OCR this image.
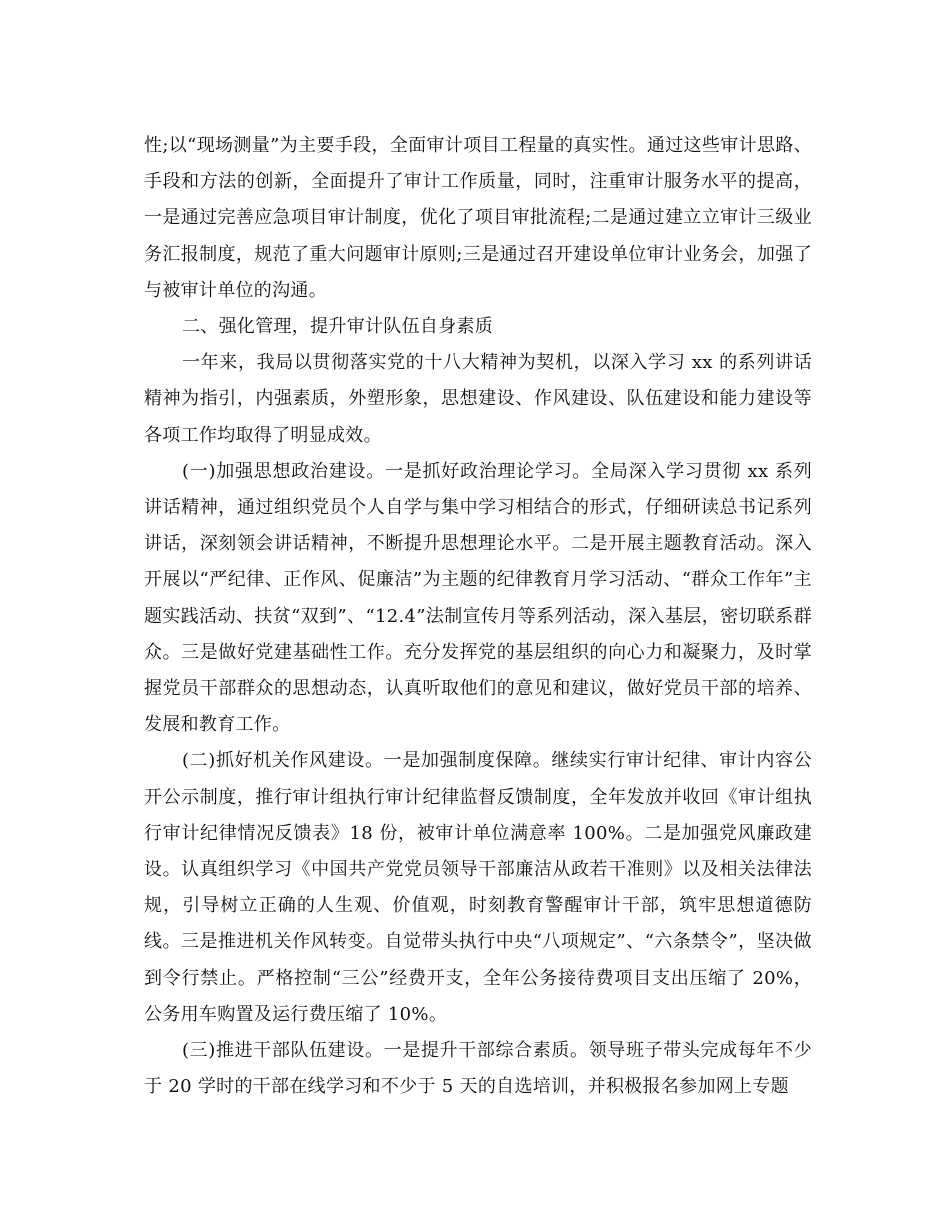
性;以“现场测量”为主要手段，全面审计项目工程量的真实性。通过这些审计思路、手段和方法的创新，全面提升了审计工作质量，同时，注重审计服务水平的提高，一是通过完善应急项目审计制度，优化了项目审批流程;二是通过建立立审计三级业务汇报制度，规范了重大问题审计原则;三是通过召开建设单位审计业务会，加强了与被审计单位的沟通。

二、强化管理，提升审计队伍自身素质

一年来，我局以贯彻落实党的十八大精神为契机，以深入学习 xx 的系列讲话精神为指引，内强素质，外塑形象，思想建设、作风建设、队伍建设和能力建设等各项工作均取得了明显成效。

(一)加强思想政治建设。一是抓好政治理论学习。全局深入学习贯彻 xx 系列讲话精神，通过组织党员个人自学与集中学习相结合的形式，仔细研读总书记系列讲话，深刻领会讲话精神，不断提升思想理论水平。二是开展主题教育活动。深入开展以“严纪律、正作风、促廉洁”为主题的纪律教育月学习活动、“群众工作年”主题实践活动、扶贫“双到”、“12.4”法制宣传月等系列活动，深入基层，密切联系群众。三是做好党建基础性工作。充分发挥党的基层组织的向心力和凝聚力，及时掌握党员干部群众的思想动态，认真听取他们的意见和建议，做好党员干部的培养、发展和教育工作。

(二)抓好机关作风建设。一是加强制度保障。继续实行审计纪律、审计内容公开公示制度，推行审计组执行审计纪律监督反馈制度，全年发放并收回《审计组执行审计纪律情况反馈表》18 份，被审计单位满意率 100%。二是加强党风廉政建设。认真组织学习《中国共产党党员领导干部廉洁从政若干准则》以及相关法律法规，引导树立正确的人生观、价值观，时刻教育警醒审计干部，筑牢思想道德防线。三是推进机关作风转变。自觉带头执行中央“八项规定”、“六条禁令”，坚决做到令行禁止。严格控制“三公”经费开支，全年公务接待费项目支出压缩了 20%，公务用车购置及运行费压缩了 10%。

(三)推进干部队伍建设。一是提升干部综合素质。领导班子带头完成每年不少于 20 学时的干部在线学习和不少于 5 天的自选培训，并积极报名参加网上专题
